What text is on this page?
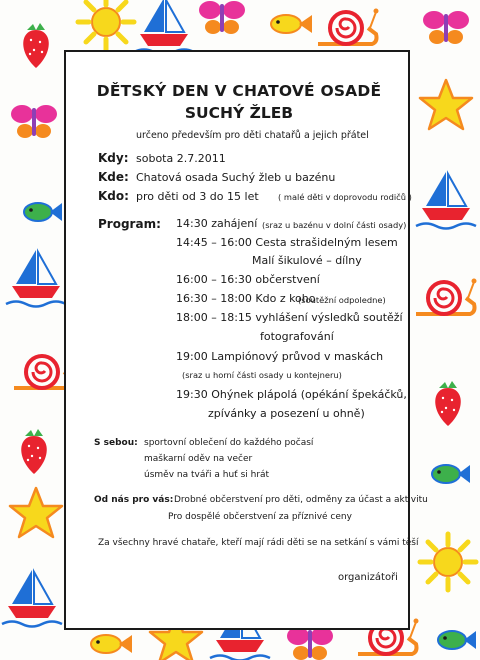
DĚTSKÝ DEN V CHATOVÉ OSADĚ
SUCHÝ ŽLEB
určeno především pro děti chatařů a jejich přátel
Kdy: sobota 2.7.2011
Kde: Chatová osada Suchý žleb u bazénu
Kdo: pro děti od 3 do 15 let ( malé děti v doprovodu rodičů )
Program: 14:30 zahájení (sraz u bazénu v dolní části osady)
14:45 – 16:00 Cesta strašidelným lesem
Malí šikulové – dílny
16:00 – 16:30 občerstvení
16:30 – 18:00 Kdo z koho
(soutěžní odpoledne)
18:00 – 18:15 vyhlášení výsledků soutěží
fotografování
19:00 Lampiónový průvod v maskách
(sraz u horní části osady u kontejneru)
19:30 Ohýnek plápolá (opékání špekáčků,
zpívánky a posezení u ohně)
S sebou: sportovní oblečení do každého počasí
maškarní oděv na večer
úsměv na tváři a huť si hrát
Od nás pro vás: Drobné občerstvení pro děti, odměny za účast a aktivitu
Pro dospělé občerstvení za příznivé ceny
Za všechny hravé chataře, kteří mají rádi děti se na setkání s vámi těší
organizátoři
